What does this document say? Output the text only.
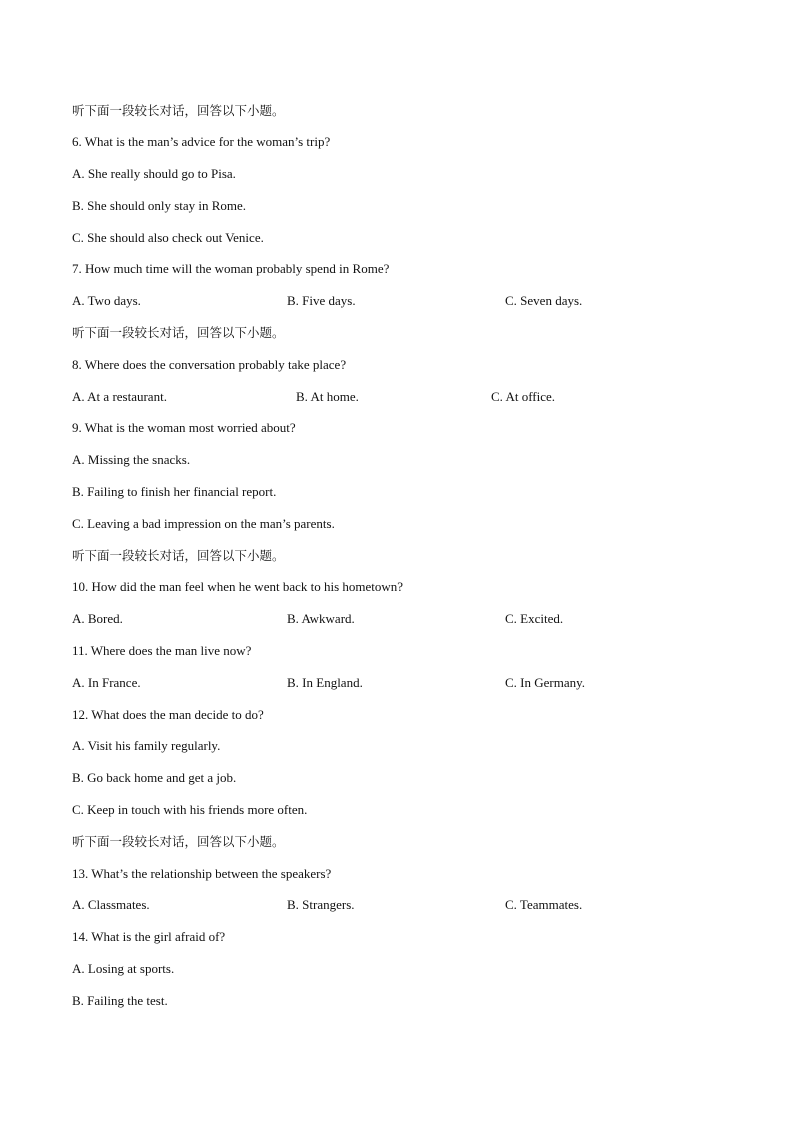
听下面一段较长对话，回答以下小题。
6. What is the man’s advice for the woman’s trip?
A. She really should go to Pisa.
B. She should only stay in Rome.
C. She should also check out Venice.
7. How much time will the woman probably spend in Rome?
A. Two days.	B. Five days.	C. Seven days.
听下面一段较长对话，回答以下小题。
8. Where does the conversation probably take place?
A. At a restaurant.	B. At home.	C. At office.
9. What is the woman most worried about?
A. Missing the snacks.
B. Failing to finish her financial report.
C. Leaving a bad impression on the man’s parents.
听下面一段较长对话，回答以下小题。
10. How did the man feel when he went back to his hometown?
A. Bored.	B. Awkward.	C. Excited.
11. Where does the man live now?
A. In France.	B. In England.	C. In Germany.
12. What does the man decide to do?
A. Visit his family regularly.
B. Go back home and get a job.
C. Keep in touch with his friends more often.
听下面一段较长对话，回答以下小题。
13. What’s the relationship between the speakers?
A. Classmates.	B. Strangers.	C. Teammates.
14. What is the girl afraid of?
A. Losing at sports.
B. Failing the test.
